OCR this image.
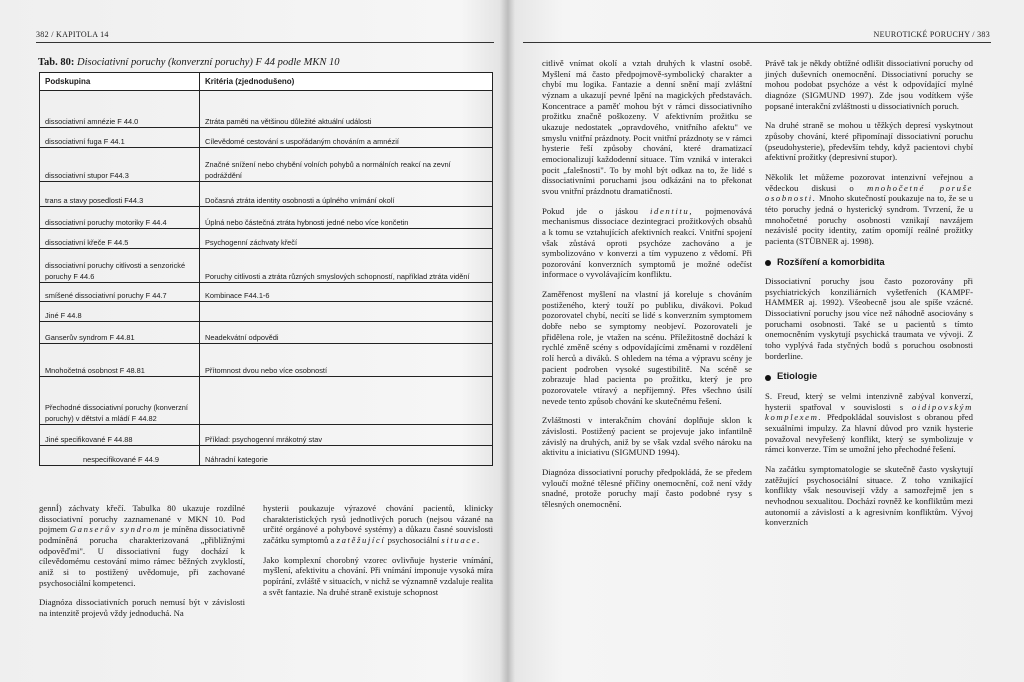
382 / KAPITOLA 14
Tab. 80: Disociativní poruchy (konverzní poruchy) F 44 podle MKN 10
Podskupina	Kritéria (zjednodušeno)
dissociativní amnézie F 44.0	Ztráta paměti na většinou důležité aktuální události
dissociativní fuga F 44.1	Cílevědomé cestování s uspořádaným chováním a amnézií
dissociativní stupor F44.3	Značné snížení nebo chybění volních pohybů a normálních reakcí na zevní podráždění
trans a stavy posedlosti F44.3	Dočasná ztráta identity osobnosti a úplného vnímání okolí
dissociativní poruchy motoriky F 44.4	Úplná nebo částečná ztráta hybnosti jedné nebo více končetin
dissociativní křeče F 44.5	Psychogenní záchvaty křečí
dissociativní poruchy citlivosti a senzorické poruchy F 44.6	Poruchy citlivosti a ztráta různých smyslových schopností, například ztráta vidění
smíšené dissociativní poruchy F 44.7	Kombinace F44.1-6
Jiné F 44.8	
Ganserův syndrom F 44.81	Neadekvátní odpovědi
Mnohočetná osobnost F 48.81	Přítomnost dvou nebo více osobností
Přechodné dissociativní poruchy (konverzní poruchy) v dětství a mládí F 44.82	
Jiné specifikované F 44.88	Příklad: psychogenní mrákotný stav
nespecifikované F 44.9	Náhradní kategorie

gennÍ) záchvaty křečí. Tabulka 80 ukazuje rozdílné dissociativní poruchy zaznamenané v MKN 10. Pod pojmem Ganserův syndrom je míněna dissociativně podmíněná porucha charakterizovaná „přibližnými odpověďmi". U dissociativní fugy dochází k cílevědomému cestování mimo rámec běžných zvyklostí, aniž si to postižený uvědomuje, při zachované psychosociální kompetenci.

Diagnóza dissociativních poruch nemusí být v závislosti na intenzitě projevů vždy jednoduchá. Na

hysterii poukazuje výrazové chování pacientů, klinicky charakteristických rysů jednotlivých poruch (nejsou vázané na určité orgánové a pohybové systémy) a důkazu časné souvislosti začátku symptomů a zatěžující psychosociální situace.

Jako komplexní chorobný vzorec ovlivňuje hysterie vnímání, myšlení, afektivitu a chování. Při vnímání imponuje vysoká míra popírání, zvláště v situacích, v nichž se významně vzdaluje realita a svět fantazie. Na druhé straně existuje schopnost

NEUROTICKÉ PORUCHY / 383

citlivě vnímat okolí a vztah druhých k vlastní osobě. Myšlení má často předpojmově-symbolický charakter a chybí mu logika. Fantazie a denní snění mají zvláštní význam a ukazují pevné lpění na magických představách. Koncentrace a paměť mohou být v rámci dissociativního prožitku značně poškozeny. V afektivním prožitku se ukazuje nedostatek „opravdového, vnitřního afektu" ve smyslu vnitřní prázdnoty. Pocit vnitřní prázdnoty se v rámci hysterie řeší způsoby chování, které dramatizací emocionalizují každodenní situace. Tím vzniká v interakci pocit „falešnosti". To by mohl být odkaz na to, že lidé s dissociativními poruchami jsou odkázáni na to překonat svou vnitřní prázdnotu dramatičností.

Pokud jde o jáskou identitu, pojmenovává mechanismus dissociace dezintegraci prožitkových obsahů a k tomu se vztahujících afektivních reakcí. Vnitřní spojení však zůstává oproti psychóze zachováno a je symbolizováno v konverzi a tím vypuzeno z vědomí. Při pozorování konverzních symptomů je možné odečíst informace o vyvolávajícím konfliktu.

Zaměřenost myšlení na vlastní já koreluje s chováním postiženého, který touží po publiku, divákovi. Pokud pozorovatel chybí, necítí se lidé s konverzním symptomem dobře nebo se symptomy neobjeví. Pozorovateli je přidělena role, je vtažen na scénu. Příležitostně dochází k rychlé změně scény s odpovídajícími změnami v rozdělení rolí herců a diváků. S ohledem na téma a výpravu scény je pacient podroben vysoké sugestibilitě. Na scéně se zobrazuje hlad pacienta po prožitku, který je pro pozorovatele vtíravý a nepříjemný. Přes všechno úsilí nevede tento způsob chování ke skutečnému řešení.

Zvláštnosti v interakčním chování doplňuje sklon k závislosti. Postižený pacient se projevuje jako infantilně závislý na druhých, aniž by se však vzdal svého nároku na aktivitu a iniciativu (SIGMUND 1994).

Diagnóza dissociativní poruchy předpokládá, že se předem vyloučí možné tělesné příčiny onemocnění, což není vždy snadné, protože poruchy mají často podobné rysy s tělesných onemocnění.

Právě tak je někdy obtížné odlišit dissociativní poruchy od jiných duševních onemocnění. Dissociativní poruchy se mohou podobat psychóze a vést k odpovídající mylné diagnóze (SIGMUND 1997). Zde jsou vodítkem výše popsané interakční zvláštnosti u dissociativních poruch.

Na druhé straně se mohou u těžkých depresí vyskytnout způsoby chování, které připomínají dissociativní poruchu (pseudohysterie), především tehdy, když pacientovi chybí afektivní prožitky (depresivní stupor).

Několik let můžeme pozorovat intenzivní veřejnou a vědeckou diskusi o mnohočetné poruše osobnosti. Mnoho skutečností poukazuje na to, že se u této poruchy jedná o hysterický syndrom. Tvrzení, že u mnohočetné poruchy osobnosti vznikají navzájem nezávislé pocity identity, zatím opomíjí reálné prožitky pacienta (STÜBNER aj. 1998).

Rozšíření a komorbidita

Dissociativní poruchy jsou často pozorovány při psychiatrických konziliárních vyšetřeních (KAMPF-HAMMER aj. 1992). Všeobecně jsou ale spíše vzácné. Dissociativní poruchy jsou více než náhodně asociovány s poruchami osobnosti. Také se u pacientů s tímto onemocněním vyskytují psychická traumata ve vývoji. Z toho vyplývá řada styčných bodů s poruchou osobnosti borderline.

Etiologie

S. Freud, který se velmi intenzivně zabýval konverzí, hysterii spatřoval v souvislosti s oidipovským komplexem. Předpokládal souvislost s obranou před sexuálními impulzy. Za hlavní důvod pro vznik hysterie považoval nevyřešený konflikt, který se symbolizuje v rámci konverze. Tím se umožní jeho přechodné řešení.

Na začátku symptomatologie se skutečně často vyskytují zatěžující psychosociální situace. Z toho vznikající konflikty však nesouvisejí vždy a samozřejmě jen s nevhodnou sexualitou. Dochází rovněž ke konfliktům mezi autonomií a závislostí a k agresivním konfliktům. Vývoj konverzních
